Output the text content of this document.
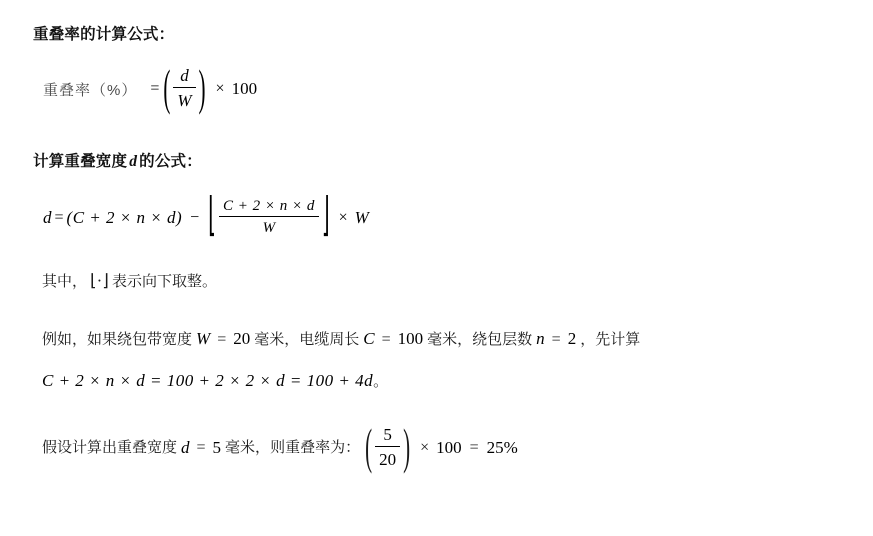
重叠率的计算公式：
重叠率（%） = ( $\frac{d}{W}$ ) × 100
计算重叠宽度 d 的公式：
d = (C + 2 × n × d) − ⌊ $\frac{C + 2 \times n \times d}{W}$ ⌋ × W
其中， ⌊·⌋ 表示向下取整。
例如，如果绕包带宽度 W = 20 毫米，电缆周长 C = 100 毫米，绕包层数 n = 2 ，先计算
C + 2 × n × d = 100 + 2 × 2 × d = 100 + 4d。
假设计算出重叠宽度 d = 5 毫米， 则重叠率为： ( $\frac{5}{20}$ ) × 100 = 25%
